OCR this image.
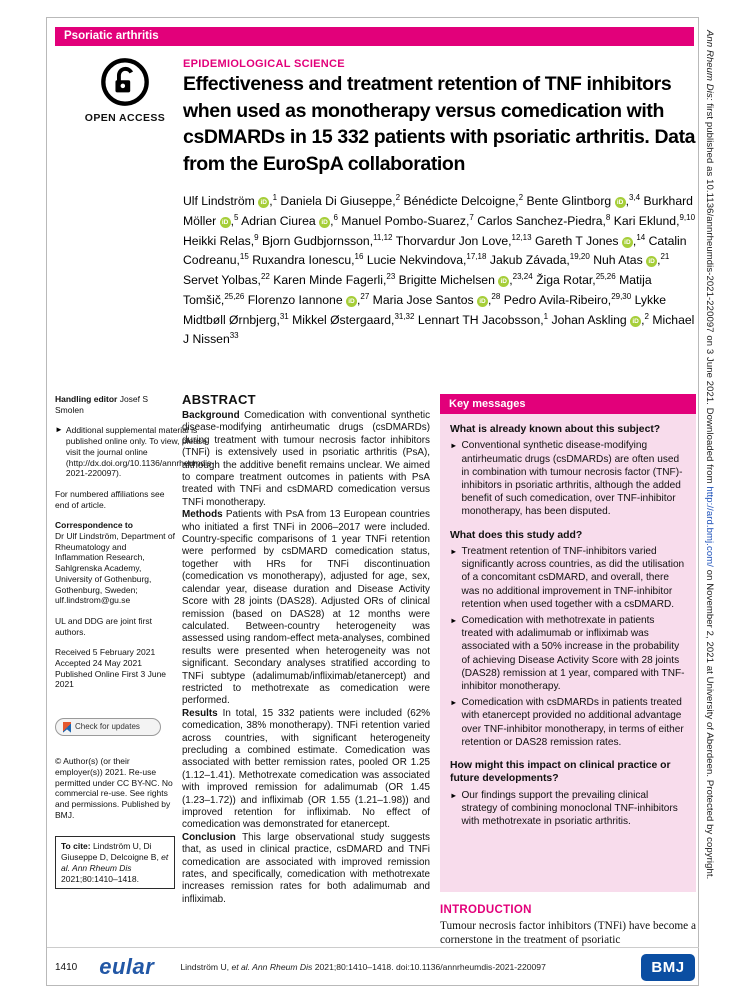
Psoriatic arthritis	Ann Rheum Dis: first published as 10.1136/annrheumdis-2021-220097 on 3 June 2021. Downloaded from http://ard.bmj.com/ on November 2, 2021 at University of Aberdeen. Protected by copyright.
OPEN ACCESS
EPIDEMIOLOGICAL SCIENCE
Effectiveness and treatment retention of TNF inhibitors when used as monotherapy versus comedication with csDMARDs in 15 332 patients with psoriatic arthritis. Data from the EuroSpA collaboration
Ulf Lindström iD ,$^1$ Daniela Di Giuseppe,$^2$ Bénédicte Delcoigne,$^2$ Bente Glintborg iD ,$^{3,4}$ Burkhard Möller iD ,$^5$ Adrian Ciurea iD ,$^6$ Manuel Pombo-Suarez,$^7$ Carlos Sanchez-Piedra,$^8$ Kari Eklund,$^{9,10}$ Heikki Relas,$^9$ Bjorn Gudbjornsson,$^{11,12}$ Thorvardur Jon Love,$^{12,13}$ Gareth T Jones iD ,$^{14}$ Catalin Codreanu,$^{15}$ Ruxandra Ionescu,$^{16}$ Lucie Nekvindova,$^{17,18}$ Jakub Závada,$^{19,20}$ Nuh Atas iD ,$^{21}$ Servet Yolbas,$^{22}$ Karen Minde Fagerli,$^{23}$ Brigitte Michelsen iD ,$^{23,24}$ Žiga Rotar,$^{25,26}$ Matija Tomšič,$^{25,26}$ Florenzo Iannone iD ,$^{27}$ Maria Jose Santos iD ,$^{28}$ Pedro Avila-Ribeiro,$^{29,30}$ Lykke Midtbøll Ørnbjerg,$^{31}$ Mikkel Østergaard,$^{31,32}$ Lennart TH Jacobsson,$^1$ Johan Askling iD ,$^2$ Michael J Nissen$^{33}$
Handling editor Josef S Smolen
►
Additional supplemental material is published online only. To view, please visit the journal online (http://dx.doi.org/10.1136/annrheumdis-2021-220097).
For numbered affiliations see end of article.
Correspondence to
Dr Ulf Lindström, Department of Rheumatology and Inflammation Research, Sahlgrenska Academy, University of Gothenburg, Gothenburg, Sweden; ulf.lindstrom@gu.se
UL and DDG are joint first authors.
Received 5 February 2021
Accepted 24 May 2021
Published Online First 3 June 2021
Check for updates
© Author(s) (or their employer(s)) 2021. Re-use permitted under CC BY-NC. No commercial re-use. See rights and permissions. Published by BMJ.
To cite: Lindström U, Di Giuseppe D, Delcoigne B, et al. Ann Rheum Dis 2021;80:1410–1418.
ABSTRACT

Background Comedication with conventional synthetic disease-modifying antirheumatic drugs (csDMARDs) during treatment with tumour necrosis factor inhibitors (TNFi) is extensively used in psoriatic arthritis (PsA), although the additive benefit remains unclear. We aimed to compare treatment outcomes in patients with PsA treated with TNFi and csDMARD comedication versus TNFi monotherapy.

Methods Patients with PsA from 13 European countries who initiated a first TNFi in 2006–2017 were included. Country-specific comparisons of 1 year TNFi retention were performed by csDMARD comedication status, together with HRs for TNFi discontinuation (comedication vs monotherapy), adjusted for age, sex, calendar year, disease duration and Disease Activity Score with 28 joints (DAS28). Adjusted ORs of clinical remission (based on DAS28) at 12 months were calculated. Between-country heterogeneity was assessed using random-effect meta-analyses, combined results were presented when heterogeneity was not significant. Secondary analyses stratified according to TNFi subtype (adalimumab/infliximab/etanercept) and restricted to methotrexate as comedication were performed.

Results In total, 15 332 patients were included (62% comedication, 38% monotherapy). TNFi retention varied across countries, with significant heterogeneity precluding a combined estimate. Comedication was associated with better remission rates, pooled OR 1.25 (1.12–1.41). Methotrexate comedication was associated with improved remission for adalimumab (OR 1.45 (1.23–1.72)) and infliximab (OR 1.55 (1.21–1.98)) and improved retention for infliximab. No effect of comedication was demonstrated for etanercept.

Conclusion This large observational study suggests that, as used in clinical practice, csDMARD and TNFi comedication are associated with improved remission rates, and specifically, comedication with methotrexate increases remission rates for both adalimumab and infliximab.

Key messages
What is already known about this subject?
►
Conventional synthetic disease-modifying antirheumatic drugs (csDMARDs) are often used in combination with tumour necrosis factor (TNF)-inhibitors in psoriatic arthritis, although the added benefit of such comedication, over TNF-inhibitor monotherapy, has been disputed.
What does this study add?
►
Treatment retention of TNF-inhibitors varied significantly across countries, as did the utilisation of a concomitant csDMARD, and overall, there was no additional improvement in TNF-inhibitor retention when used together with a csDMARD.
►
Comedication with methotrexate in patients treated with adalimumab or infliximab was associated with a 50% increase in the probability of achieving Disease Activity Score with 28 joints (DAS28) remission at 1 year, compared with TNF-inhibitor monotherapy.
►
Comedication with csDMARDs in patients treated with etanercept provided no additional advantage over TNF-inhibitor monotherapy, in terms of either retention or DAS28 remission rates.
How might this impact on clinical practice or future developments?
►
Our findings support the prevailing clinical strategy of combining monoclonal TNF-inhibitors with methotrexate in psoriatic arthritis.
INTRODUCTION

Tumour necrosis factor inhibitors (TNFi) have become a cornerstone in the treatment of psoriatic

1410 eular	Lindström U, et al. Ann Rheum Dis 2021;80:1410–1418. doi:10.1136/annrheumdis-2021-220097	BMJ
